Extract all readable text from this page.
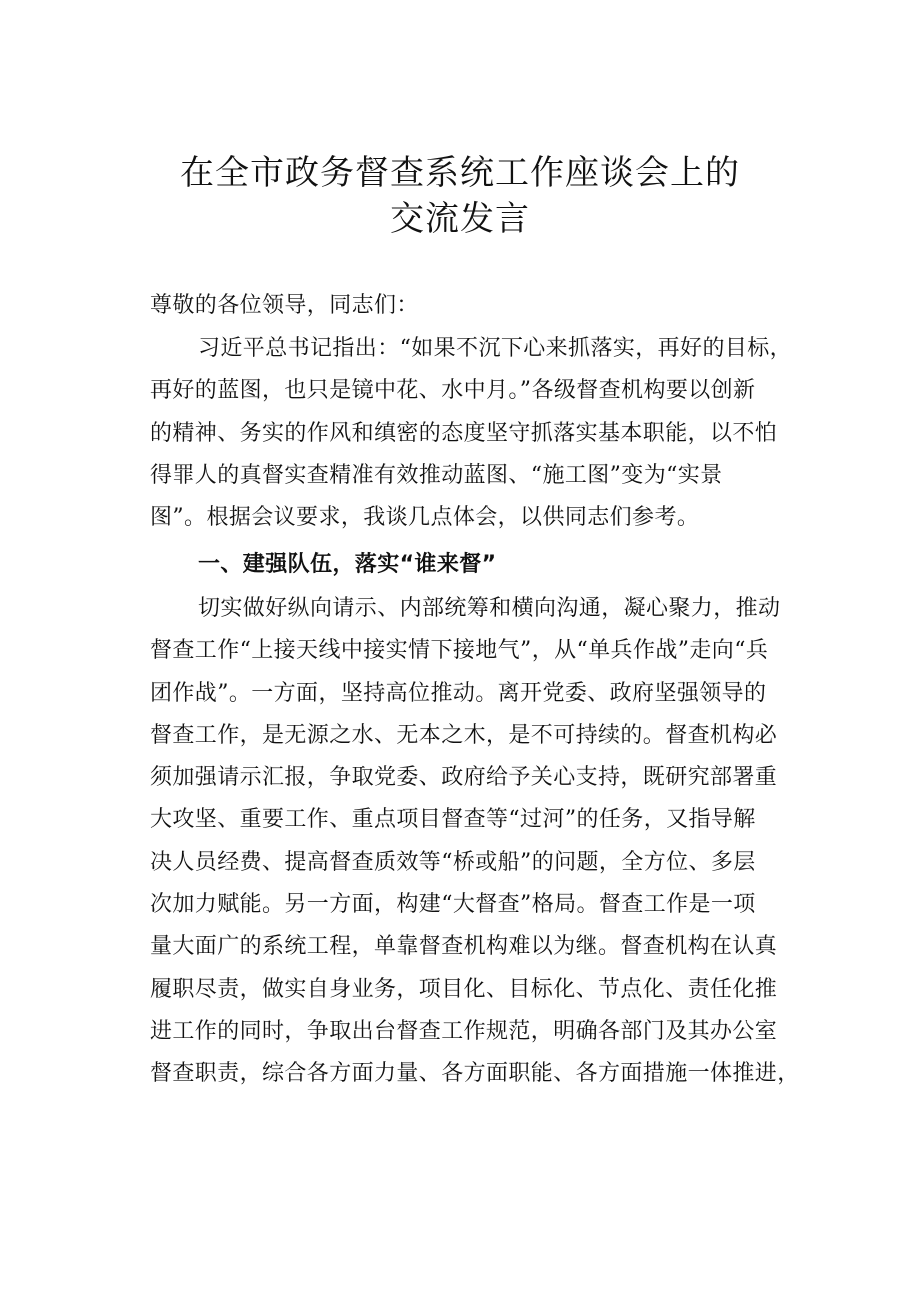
在全市政务督查系统工作座谈会上的
交流发言

尊敬的各位领导，同志们：

习近平总书记指出：“如果不沉下心来抓落实，再好的目标，
再好的蓝图，也只是镜中花、水中月。”各级督查机构要以创新
的精神、务实的作风和缜密的态度坚守抓落实基本职能，以不怕
得罪人的真督实查精准有效推动蓝图、“施工图”变为“实景
图”。根据会议要求，我谈几点体会，以供同志们参考。

一、建强队伍，落实“谁来督”

切实做好纵向请示、内部统筹和横向沟通，凝心聚力，推动
督查工作“上接天线中接实情下接地气”，从“单兵作战”走向“兵
团作战”。一方面，坚持高位推动。离开党委、政府坚强领导的
督查工作，是无源之水、无本之木，是不可持续的。督查机构必
须加强请示汇报，争取党委、政府给予关心支持，既研究部署重
大攻坚、重要工作、重点项目督查等“过河”的任务，又指导解
决人员经费、提高督查质效等“桥或船”的问题，全方位、多层
次加力赋能。另一方面，构建“大督查”格局。督查工作是一项
量大面广的系统工程，单靠督查机构难以为继。督查机构在认真
履职尽责，做实自身业务，项目化、目标化、节点化、责任化推
进工作的同时，争取出台督查工作规范，明确各部门及其办公室
督查职责，综合各方面力量、各方面职能、各方面措施一体推进，
